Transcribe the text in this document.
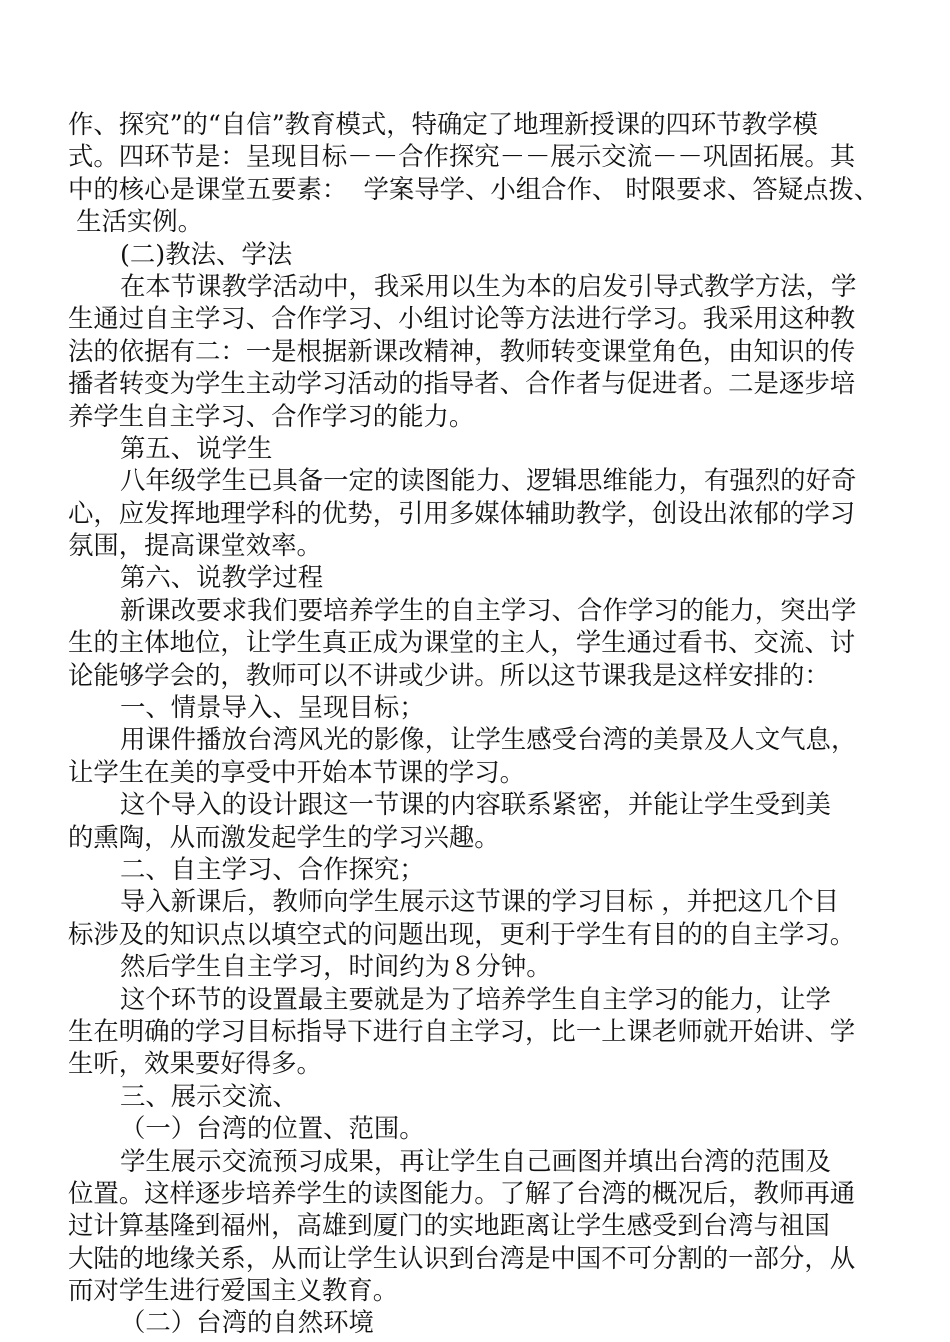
作、探究”的“自信”教育模式，特确定了地理新授课的四环节教学模
式。四环节是：呈现目标－－合作探究－－展示交流－－巩固拓展。其
中的核心是课堂五要素：  学案导学、小组合作、 时限要求、答疑点拨、
生活实例。
(二)教法、学法
在本节课教学活动中，我采用以生为本的启发引导式教学方法，学
生通过自主学习、合作学习、小组讨论等方法进行学习。我采用这种教
法的依据有二：一是根据新课改精神，教师转变课堂角色，由知识的传
播者转变为学生主动学习活动的指导者、合作者与促进者。二是逐步培
养学生自主学习、合作学习的能力。
第五、说学生
八年级学生已具备一定的读图能力、逻辑思维能力，有强烈的好奇
心，应发挥地理学科的优势，引用多媒体辅助教学，创设出浓郁的学习
氛围，提高课堂效率。
第六、说教学过程
新课改要求我们要培养学生的自主学习、合作学习的能力，突出学
生的主体地位，让学生真正成为课堂的主人，学生通过看书、交流、讨
论能够学会的，教师可以不讲或少讲。所以这节课我是这样安排的：
一、情景导入、呈现目标；
用课件播放台湾风光的影像，让学生感受台湾的美景及人文气息，
让学生在美的享受中开始本节课的学习。
这个导入的设计跟这一节课的内容联系紧密，并能让学生受到美
的熏陶，从而激发起学生的学习兴趣。
二、自主学习、合作探究；
导入新课后，教师向学生展示这节课的学习目标 ，并把这几个目
标涉及的知识点以填空式的问题出现，更利于学生有目的的自主学习。
然后学生自主学习，时间约为８分钟。
这个环节的设置最主要就是为了培养学生自主学习的能力，让学
生在明确的学习目标指导下进行自主学习，比一上课老师就开始讲、学
生听，效果要好得多。
三、展示交流、
（一）台湾的位置、范围。
学生展示交流预习成果，再让学生自己画图并填出台湾的范围及
位置。这样逐步培养学生的读图能力。了解了台湾的概况后，教师再通
过计算基隆到福州，高雄到厦门的实地距离让学生感受到台湾与祖国
大陆的地缘关系，从而让学生认识到台湾是中国不可分割的一部分，从
而对学生进行爱国主义教育。
（二）台湾的自然环境
